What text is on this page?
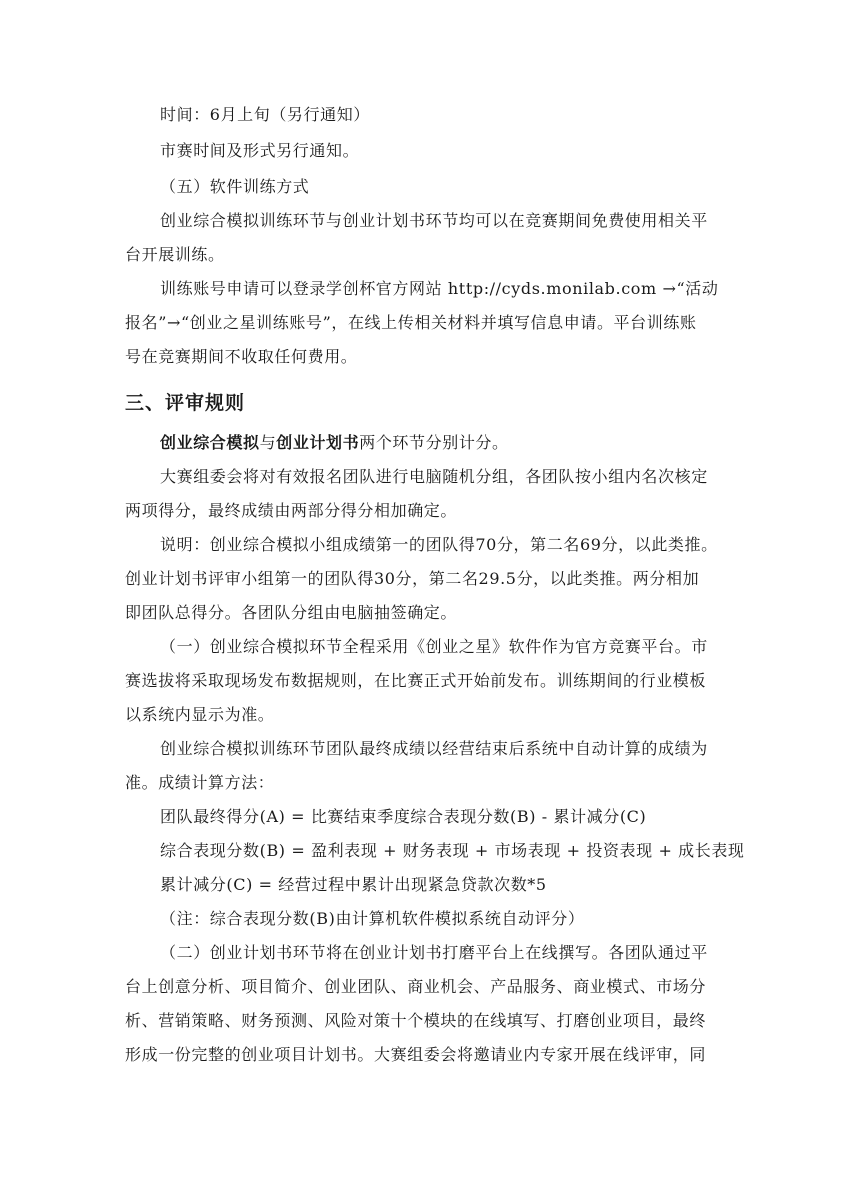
时间：6月上旬（另行通知）
市赛时间及形式另行通知。
（五）软件训练方式
创业综合模拟训练环节与创业计划书环节均可以在竞赛期间免费使用相关平
台开展训练。
训练账号申请可以登录学创杯官方网站 http://cyds.monilab.com →“活动
报名”→“创业之星训练账号”，在线上传相关材料并填写信息申请。平台训练账
号在竞赛期间不收取任何费用。
三、评审规则
创业综合模拟与创业计划书两个环节分别计分。
大赛组委会将对有效报名团队进行电脑随机分组，各团队按小组内名次核定
两项得分，最终成绩由两部分得分相加确定。
说明：创业综合模拟小组成绩第一的团队得70分，第二名69分，以此类推。
创业计划书评审小组第一的团队得30分，第二名29.5分，以此类推。两分相加
即团队总得分。各团队分组由电脑抽签确定。
（一）创业综合模拟环节全程采用《创业之星》软件作为官方竞赛平台。市
赛选拔将采取现场发布数据规则，在比赛正式开始前发布。训练期间的行业模板
以系统内显示为准。
创业综合模拟训练环节团队最终成绩以经营结束后系统中自动计算的成绩为
准。成绩计算方法：
团队最终得分(A) = 比赛结束季度综合表现分数(B) - 累计减分(C)
综合表现分数(B) = 盈利表现 + 财务表现 + 市场表现 + 投资表现 + 成长表现
累计减分(C) = 经营过程中累计出现紧急贷款次数*5
（注：综合表现分数(B)由计算机软件模拟系统自动评分）
（二）创业计划书环节将在创业计划书打磨平台上在线撰写。各团队通过平
台上创意分析、项目简介、创业团队、商业机会、产品服务、商业模式、市场分
析、营销策略、财务预测、风险对策十个模块的在线填写、打磨创业项目，最终
形成一份完整的创业项目计划书。大赛组委会将邀请业内专家开展在线评审，同
